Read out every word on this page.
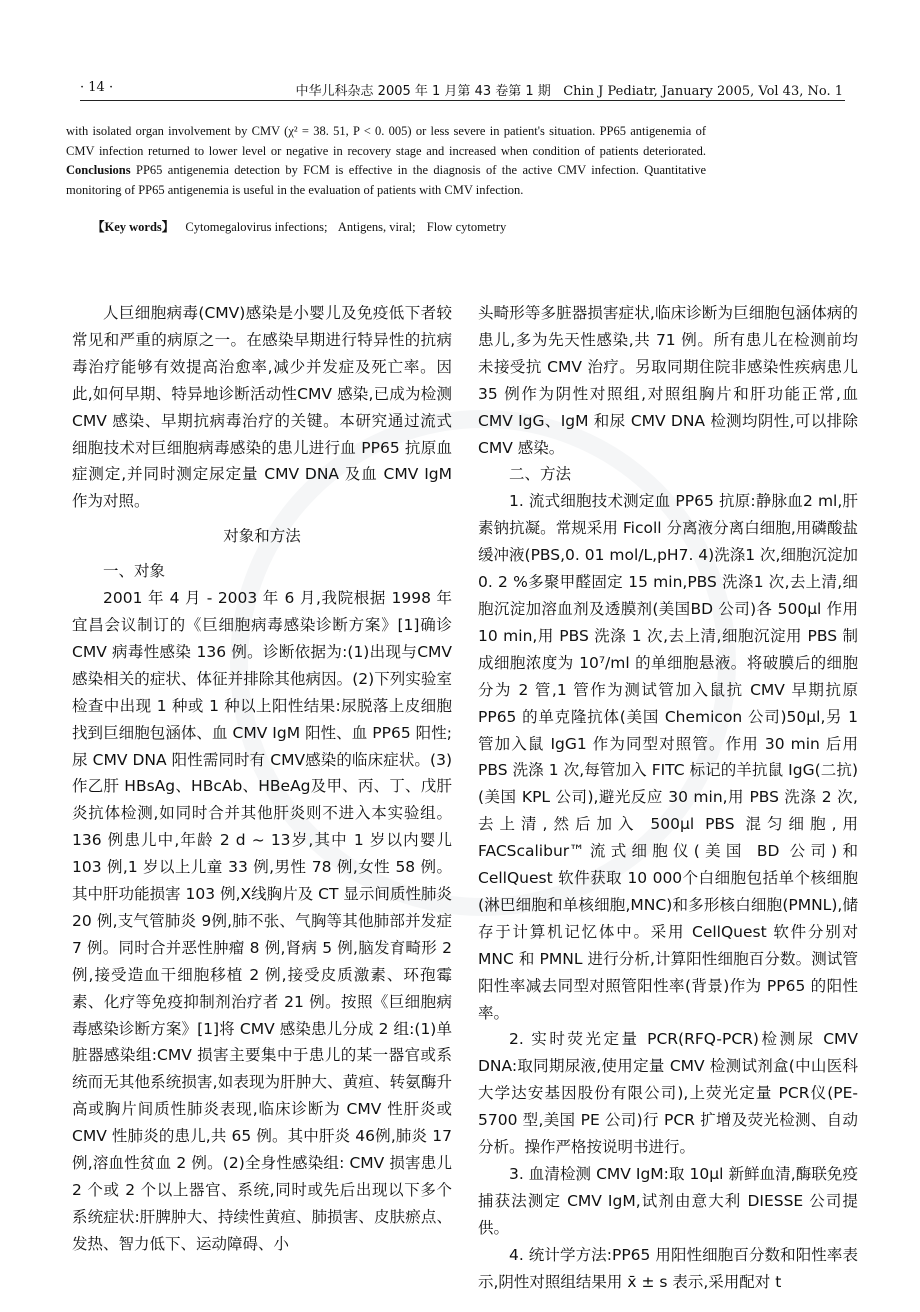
· 14 ·	中华儿科杂志 2005 年 1 月第 43 卷第 1 期 Chin J Pediatr, January 2005, Vol 43, No. 1
with isolated organ involvement by CMV (χ² = 38. 51, P < 0. 005) or less severe in patient's situation. PP65 antigenemia of CMV infection returned to lower level or negative in recovery stage and increased when condition of patients deteriorated. Conclusions PP65 antigenemia detection by FCM is effective in the diagnosis of the active CMV infection. Quantitative monitoring of PP65 antigenemia is useful in the evaluation of patients with CMV infection.
【Key words】 Cytomegalovirus infections; Antigens, viral; Flow cytometry

人巨细胞病毒(CMV)感染是小婴儿及免疫低下者较常见和严重的病原之一。在感染早期进行特异性的抗病毒治疗能够有效提高治愈率,减少并发症及死亡率。因此,如何早期、特异地诊断活动性CMV 感染,已成为检测 CMV 感染、早期抗病毒治疗的关键。本研究通过流式细胞技术对巨细胞病毒感染的患儿进行血 PP65 抗原血症测定,并同时测定尿定量 CMV DNA 及血 CMV IgM 作为对照。

对象和方法

一、对象

2001 年 4 月 - 2003 年 6 月,我院根据 1998 年宜昌会议制订的《巨细胞病毒感染诊断方案》[1]确诊CMV 病毒性感染 136 例。诊断依据为:(1)出现与CMV 感染相关的症状、体征并排除其他病因。(2)下列实验室检查中出现 1 种或 1 种以上阳性结果:尿脱落上皮细胞找到巨细胞包涵体、血 CMV IgM 阳性、血 PP65 阳性;尿 CMV DNA 阳性需同时有 CMV感染的临床症状。(3)作乙肝 HBsAg、HBcAb、HBeAg及甲、丙、丁、戊肝炎抗体检测,如同时合并其他肝炎则不进入本实验组。136 例患儿中,年龄 2 d ~ 13岁,其中 1 岁以内婴儿 103 例,1 岁以上儿童 33 例,男性 78 例,女性 58 例。其中肝功能损害 103 例,X线胸片及 CT 显示间质性肺炎 20 例,支气管肺炎 9例,肺不张、气胸等其他肺部并发症 7 例。同时合并恶性肿瘤 8 例,肾病 5 例,脑发育畸形 2 例,接受造血干细胞移植 2 例,接受皮质激素、环孢霉素、化疗等免疫抑制剂治疗者 21 例。按照《巨细胞病毒感染诊断方案》[1]将 CMV 感染患儿分成 2 组:(1)单脏器感染组:CMV 损害主要集中于患儿的某一器官或系统而无其他系统损害,如表现为肝肿大、黄疸、转氨酶升高或胸片间质性肺炎表现,临床诊断为 CMV 性肝炎或 CMV 性肺炎的患儿,共 65 例。其中肝炎 46例,肺炎 17 例,溶血性贫血 2 例。(2)全身性感染组: CMV 损害患儿 2 个或 2 个以上器官、系统,同时或先后出现以下多个系统症状:肝脾肿大、持续性黄疸、肺损害、皮肤瘀点、发热、智力低下、运动障碍、小

头畸形等多脏器损害症状,临床诊断为巨细胞包涵体病的患儿,多为先天性感染,共 71 例。所有患儿在检测前均未接受抗 CMV 治疗。另取同期住院非感染性疾病患儿 35 例作为阴性对照组,对照组胸片和肝功能正常,血 CMV IgG、IgM 和尿 CMV DNA 检测均阴性,可以排除 CMV 感染。

二、方法

1. 流式细胞技术测定血 PP65 抗原:静脉血2 ml,肝素钠抗凝。常规采用 Ficoll 分离液分离白细胞,用磷酸盐缓冲液(PBS,0. 01 mol/L,pH7. 4)洗涤1 次,细胞沉淀加 0. 2 %多聚甲醛固定 15 min,PBS 洗涤1 次,去上清,细胞沉淀加溶血剂及透膜剂(美国BD 公司)各 500μl 作用 10 min,用 PBS 洗涤 1 次,去上清,细胞沉淀用 PBS 制成细胞浓度为 10⁷/ml 的单细胞悬液。将破膜后的细胞分为 2 管,1 管作为测试管加入鼠抗 CMV 早期抗原 PP65 的单克隆抗体(美国 Chemicon 公司)50μl,另 1 管加入鼠 IgG1 作为同型对照管。作用 30 min 后用 PBS 洗涤 1 次,每管加入 FITC 标记的羊抗鼠 IgG(二抗)(美国 KPL 公司),避光反应 30 min,用 PBS 洗涤 2 次,去上清,然后加入 500μl PBS 混匀细胞,用 FACScalibur™流式细胞仪(美国 BD 公司)和 CellQuest 软件获取 10 000个白细胞包括单个核细胞(淋巴细胞和单核细胞,MNC)和多形核白细胞(PMNL),储存于计算机记忆体中。采用 CellQuest 软件分别对 MNC 和 PMNL 进行分析,计算阳性细胞百分数。测试管阳性率减去同型对照管阳性率(背景)作为 PP65 的阳性率。

2. 实时荧光定量 PCR(RFQ-PCR)检测尿 CMV DNA:取同期尿液,使用定量 CMV 检测试剂盒(中山医科大学达安基因股份有限公司),上荧光定量 PCR仪(PE-5700 型,美国 PE 公司)行 PCR 扩增及荧光检测、自动分析。操作严格按说明书进行。

3. 血清检测 CMV IgM:取 10μl 新鲜血清,酶联免疫捕获法测定 CMV IgM,试剂由意大利 DIESSE 公司提供。

4. 统计学方法:PP65 用阳性细胞百分数和阳性率表示,阴性对照组结果用 x̄ ± s 表示,采用配对 t
